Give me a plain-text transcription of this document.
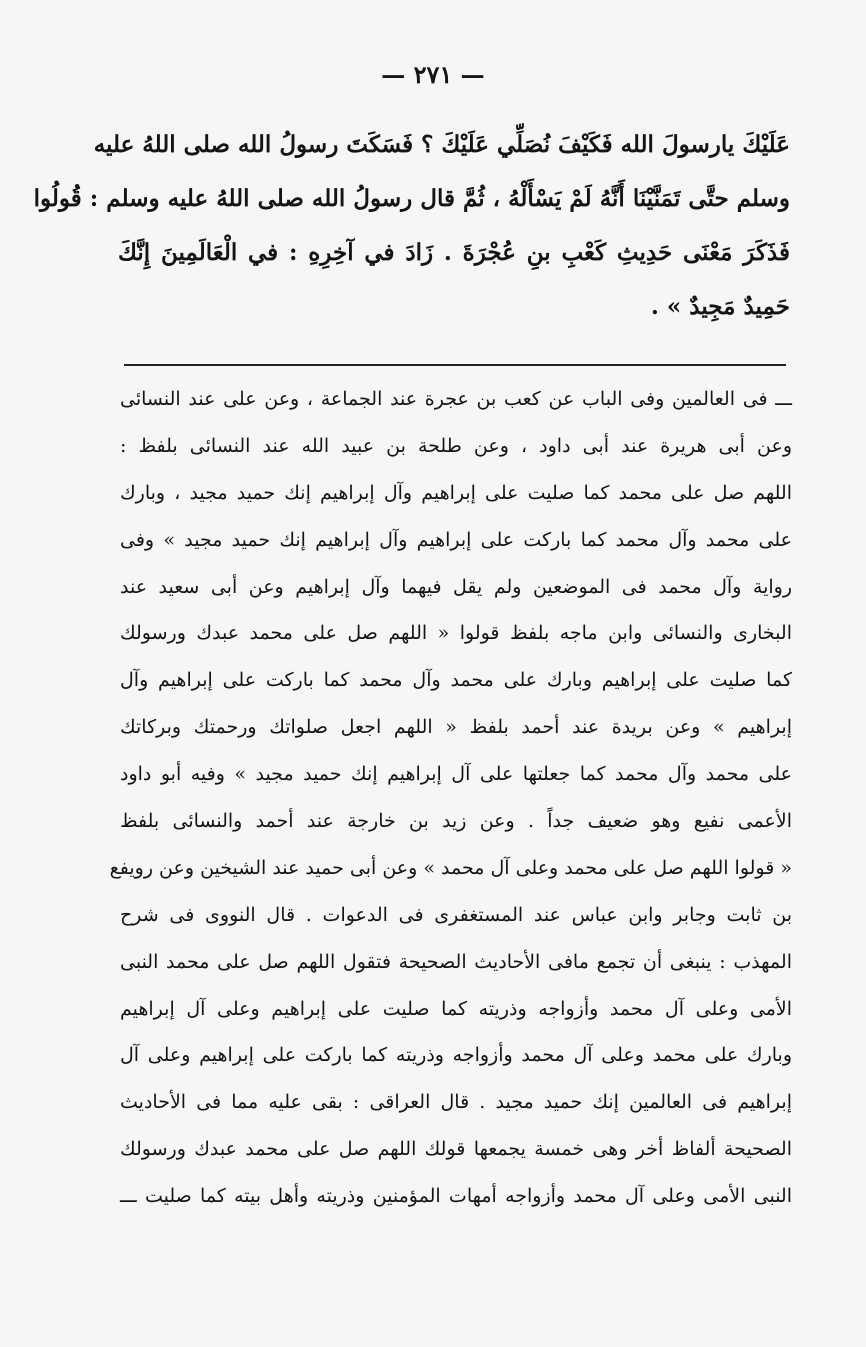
— ٢٧١ —
عَلَيْكَ يارسولَ الله فَكَيْفَ نُصَلِّي عَلَيْكَ ؟ فَسَكَتَ رسولُ الله صلى اللهُ عليه
وسلم حتَّى تَمَنَّيْنَا أَنَّهُ لَمْ يَسْأَلْهُ ، ثُمَّ قال رسولُ الله صلى اللهُ عليه وسلم : قُولُوا
فَذَكَرَ مَعْنَى حَدِيثِ كَعْبِ بنِ عُجْرَةَ . زَادَ في آخِرِهِ : في الْعَالَمِينَ إِنَّكَ
حَمِيدٌ مَجِيدٌ » .
ـــ فى العالمين وفى الباب عن كعب بن عجرة عند الجماعة ، وعن على عند النسائى
وعن أبى هريرة عند أبى داود ، وعن طلحة بن عبيد الله عند النسائى بلفظ :
اللهم صل على محمد كما صليت على إبراهيم وآل إبراهيم إنك حميد مجيد ، وبارك
على محمد وآل محمد كما باركت على إبراهيم وآل إبراهيم إنك حميد مجيد » وفى
رواية وآل محمد فى الموضعين ولم يقل فيهما وآل إبراهيم وعن أبى سعيد عند
البخارى والنسائى وابن ماجه بلفظ قولوا « اللهم صل على محمد عبدك ورسولك
كما صليت على إبراهيم وبارك على محمد وآل محمد كما باركت على إبراهيم وآل
إبراهيم » وعن بريدة عند أحمد بلفظ « اللهم اجعل صلواتك ورحمتك وبركاتك
على محمد وآل محمد كما جعلتها على آل إبراهيم إنك حميد مجيد » وفيه أبو داود
الأعمى نفيع وهو ضعيف جداً . وعن زيد بن خارجة عند أحمد والنسائى بلفظ
« قولوا اللهم صل على محمد وعلى آل محمد » وعن أبى حميد عند الشيخين وعن رويفع
بن ثابت وجابر وابن عباس عند المستغفرى فى الدعوات . قال النووى فى شرح
المهذب : ينبغى أن تجمع مافى الأحاديث الصحيحة فتقول اللهم صل على محمد النبى
الأمى وعلى آل محمد وأزواجه وذريته كما صليت على إبراهيم وعلى آل إبراهيم
وبارك على محمد وعلى آل محمد وأزواجه وذريته كما باركت على إبراهيم وعلى آل
إبراهيم فى العالمين إنك حميد مجيد . قال العراقى : بقى عليه مما فى الأحاديث
الصحيحة ألفاظ أخر وهى خمسة يجمعها قولك اللهم صل على محمد عبدك ورسولك
النبى الأمى وعلى آل محمد وأزواجه أمهات المؤمنين وذريته وأهل بيته كما صليت ـــ
